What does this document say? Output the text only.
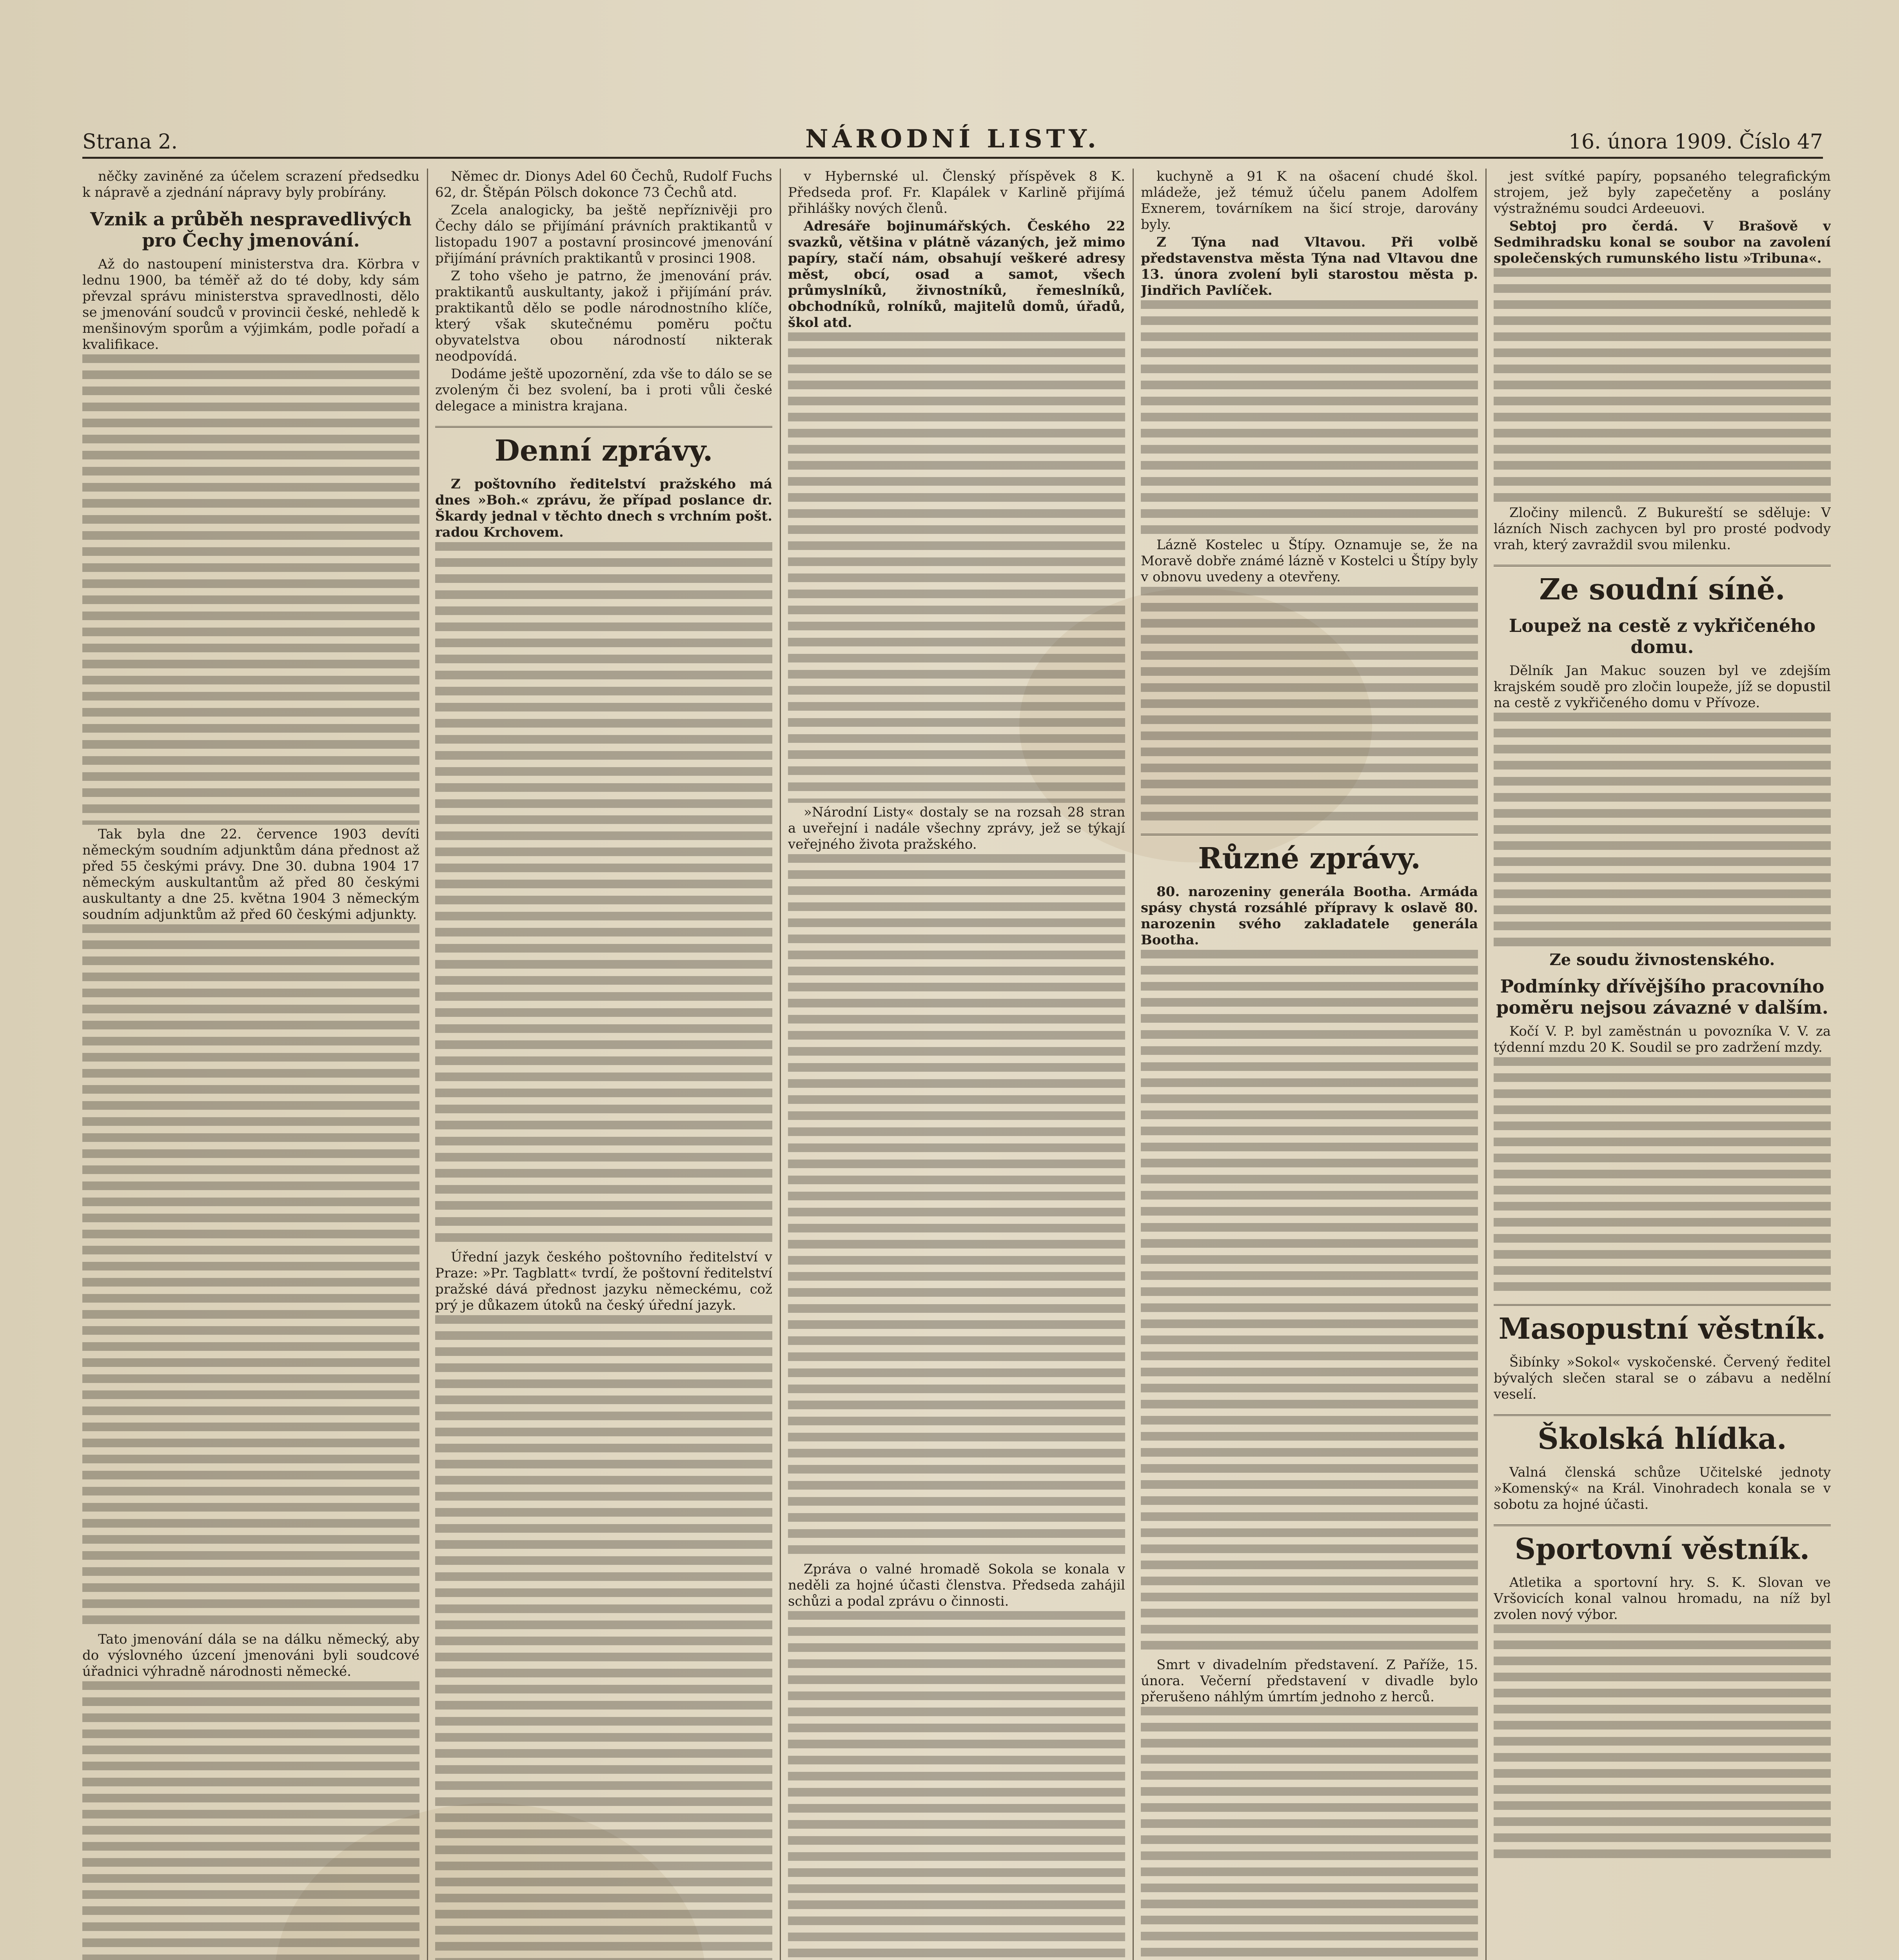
Strana 2.	NÁRODNÍ LISTY.	16. února 1909. Číslo 47

něčky zaviněné za účelem scrazení předsedku k nápravě a zjednání nápravy byly probírány.

Vznik a průběh nespravedlivých pro Čechy jmenování.

Až do nastoupení ministerstva dra. Körbra v lednu 1900, ba téměř až do té doby, kdy sám převzal správu ministerstva spravedlnosti, dělo se jmenování soudců v provincii české, nehledě k menšinovým sporům a výjimkám, podle pořadí a kvalifikace.

Tak byla dne 22. července 1903 devíti německým soudním adjunktům dána přednost až před 55 českými právy. Dne 30. dubna 1904 17 německým auskultantům až před 80 českými auskultanty a dne 25. května 1904 3 německým soudním adjunktům až před 60 českými adjunkty.

Tato jmenování dála se na dálku německý, aby do výslovného úzcení jmenováni byli soudcové úřadnici výhradně národnosti německé.

Němec dr. Dionys Adel 60 Čechů, Rudolf Fuchs 62, dr. Štěpán Pölsch dokonce 73 Čechů atd.

Zcela analogicky, ba ještě nepříznivěji pro Čechy dálo se přijímání právních praktikantů v listopadu 1907 a postavní prosincové jmenování přijímání právních praktikantů v prosinci 1908.

Z toho všeho je patrno, že jmenování práv. praktikantů auskultanty, jakož i přijímání práv. praktikantů dělo se podle národnostního klíče, který však skutečnému poměru počtu obyvatelstva obou národností nikterak neodpovídá.

Dodáme ještě upozornění, zda vše to dálo se se zvoleným či bez svolení, ba i proti vůli české delegace a ministra krajana.

Denní zprávy.

Z poštovního ředitelství pražského má dnes »Boh.« zprávu, že případ poslance dr. Škardy jednal v těchto dnech s vrchním pošt. radou Krchovem.

Úřední jazyk českého poštovního ředitelství v Praze: »Pr. Tagblatt« tvrdí, že poštovní ředitelství pražské dává přednost jazyku německému, což prý je důkazem útoků na český úřední jazyk.

v Hybernské ul. Členský příspěvek 8 K. Předseda prof. Fr. Klapálek v Karlině přijímá přihlášky nových členů.

Adresáře bojinumářských. Českého 22 svazků, většina v plátně vázaných, jež mimo papíry, stačí nám, obsahují veškeré adresy měst, obcí, osad a samot, všech průmyslníků, živnostníků, řemeslníků, obchodníků, rolníků, majitelů domů, úřadů, škol atd.

»Národní Listy« dostaly se na rozsah 28 stran a uveřejní i nadále všechny zprávy, jež se týkají veřejného života pražského.

Zpráva o valné hromadě Sokola se konala v neděli za hojné účasti členstva. Předseda zahájil schůzi a podal zprávu o činnosti.

kuchyně a 91 K na ošacení chudé škol. mládeže, jež témuž účelu panem Adolfem Exnerem, továrníkem na šicí stroje, darovány byly.

Z Týna nad Vltavou. Při volbě představenstva města Týna nad Vltavou dne 13. února zvolení byli starostou města p. Jindřich Pavlíček.

Lázně Kostelec u Štípy. Oznamuje se, že na Moravě dobře známé lázně v Kostelci u Štípy byly v obnovu uvedeny a otevřeny.

Různé zprávy.

80. narozeniny generála Bootha. Armáda spásy chystá rozsáhlé přípravy k oslavě 80. narozenin svého zakladatele generála Bootha.

Smrt v divadelním představení. Z Paříže, 15. února. Večerní představení v divadle bylo přerušeno náhlým úmrtím jednoho z herců.

jest svítké papíry, popsaného telegrafickým strojem, jež byly zapečetěny a poslány výstražnému soudci Ardeeuovi.

Sebtoj pro čerdá. V Brašově v Sedmihradsku konal se soubor na zavolení společenských rumunského listu »Tribuna«.

Zločiny milenců. Z Bukureští se sděluje: V lázních Nisch zachycen byl pro prosté podvody vrah, který zavraždil svou milenku.

Ze soudní síně.
Loupež na cestě z vykřičeného domu.

Dělník Jan Makuc souzen byl ve zdejším krajském soudě pro zločin loupeže, jíž se dopustil na cestě z vykřičeného domu v Přívoze.

Ze soudu živnostenského.
Podmínky dřívějšího pracovního poměru nejsou závazné v dalším.

Kočí V. P. byl zaměstnán u povozníka V. V. za týdenní mzdu 20 K. Soudil se pro zadržení mzdy.

Masopustní věstník.

Šibínky »Sokol« vyskočenské. Červený ředitel bývalých slečen staral se o zábavu a nedělní veselí.

Školská hlídka.

Valná členská schůze Učitelské jednoty »Komenský« na Král. Vinohradech konala se v sobotu za hojné účasti.

Sportovní věstník.

Atletika a sportovní hry. S. K. Slovan ve Vršovicích konal valnou hromadu, na níž byl zvolen nový výbor.
